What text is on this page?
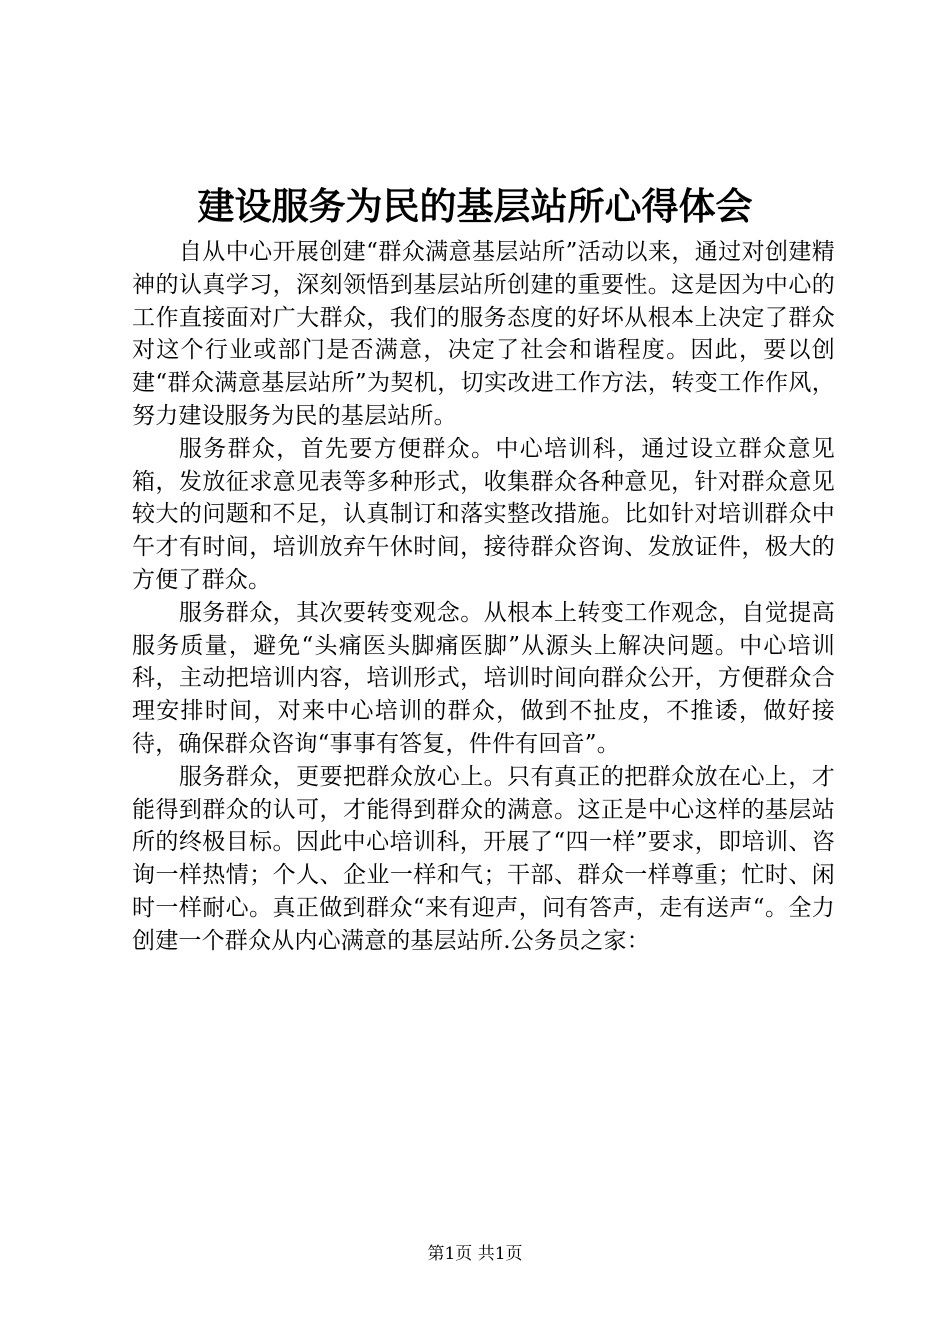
建设服务为民的基层站所心得体会

自从中心开展创建“群众满意基层站所”活动以来，通过对创建精神的认真学习，深刻领悟到基层站所创建的重要性。这是因为中心的工作直接面对广大群众，我们的服务态度的好坏从根本上决定了群众对这个行业或部门是否满意，决定了社会和谐程度。因此，要以创建“群众满意基层站所”为契机，切实改进工作方法，转变工作作风，努力建设服务为民的基层站所。

服务群众，首先要方便群众。中心培训科，通过设立群众意见箱，发放征求意见表等多种形式，收集群众各种意见，针对群众意见较大的问题和不足，认真制订和落实整改措施。比如针对培训群众中午才有时间，培训放弃午休时间，接待群众咨询、发放证件，极大的方便了群众。

服务群众，其次要转变观念。从根本上转变工作观念，自觉提高服务质量，避免“头痛医头脚痛医脚”从源头上解决问题。中心培训科，主动把培训内容，培训形式，培训时间向群众公开，方便群众合理安排时间，对来中心培训的群众，做到不扯皮，不推诿，做好接待，确保群众咨询“事事有答复，件件有回音”。

服务群众，更要把群众放心上。只有真正的把群众放在心上，才能得到群众的认可，才能得到群众的满意。这正是中心这样的基层站所的终极目标。因此中心培训科，开展了“四一样”要求，即培训、咨询一样热情；个人、企业一样和气；干部、群众一样尊重；忙时、闲时一样耐心。真正做到群众“来有迎声，问有答声，走有送声“。全力创建一个群众从内心满意的基层站所.公务员之家：

第1页 共1页
